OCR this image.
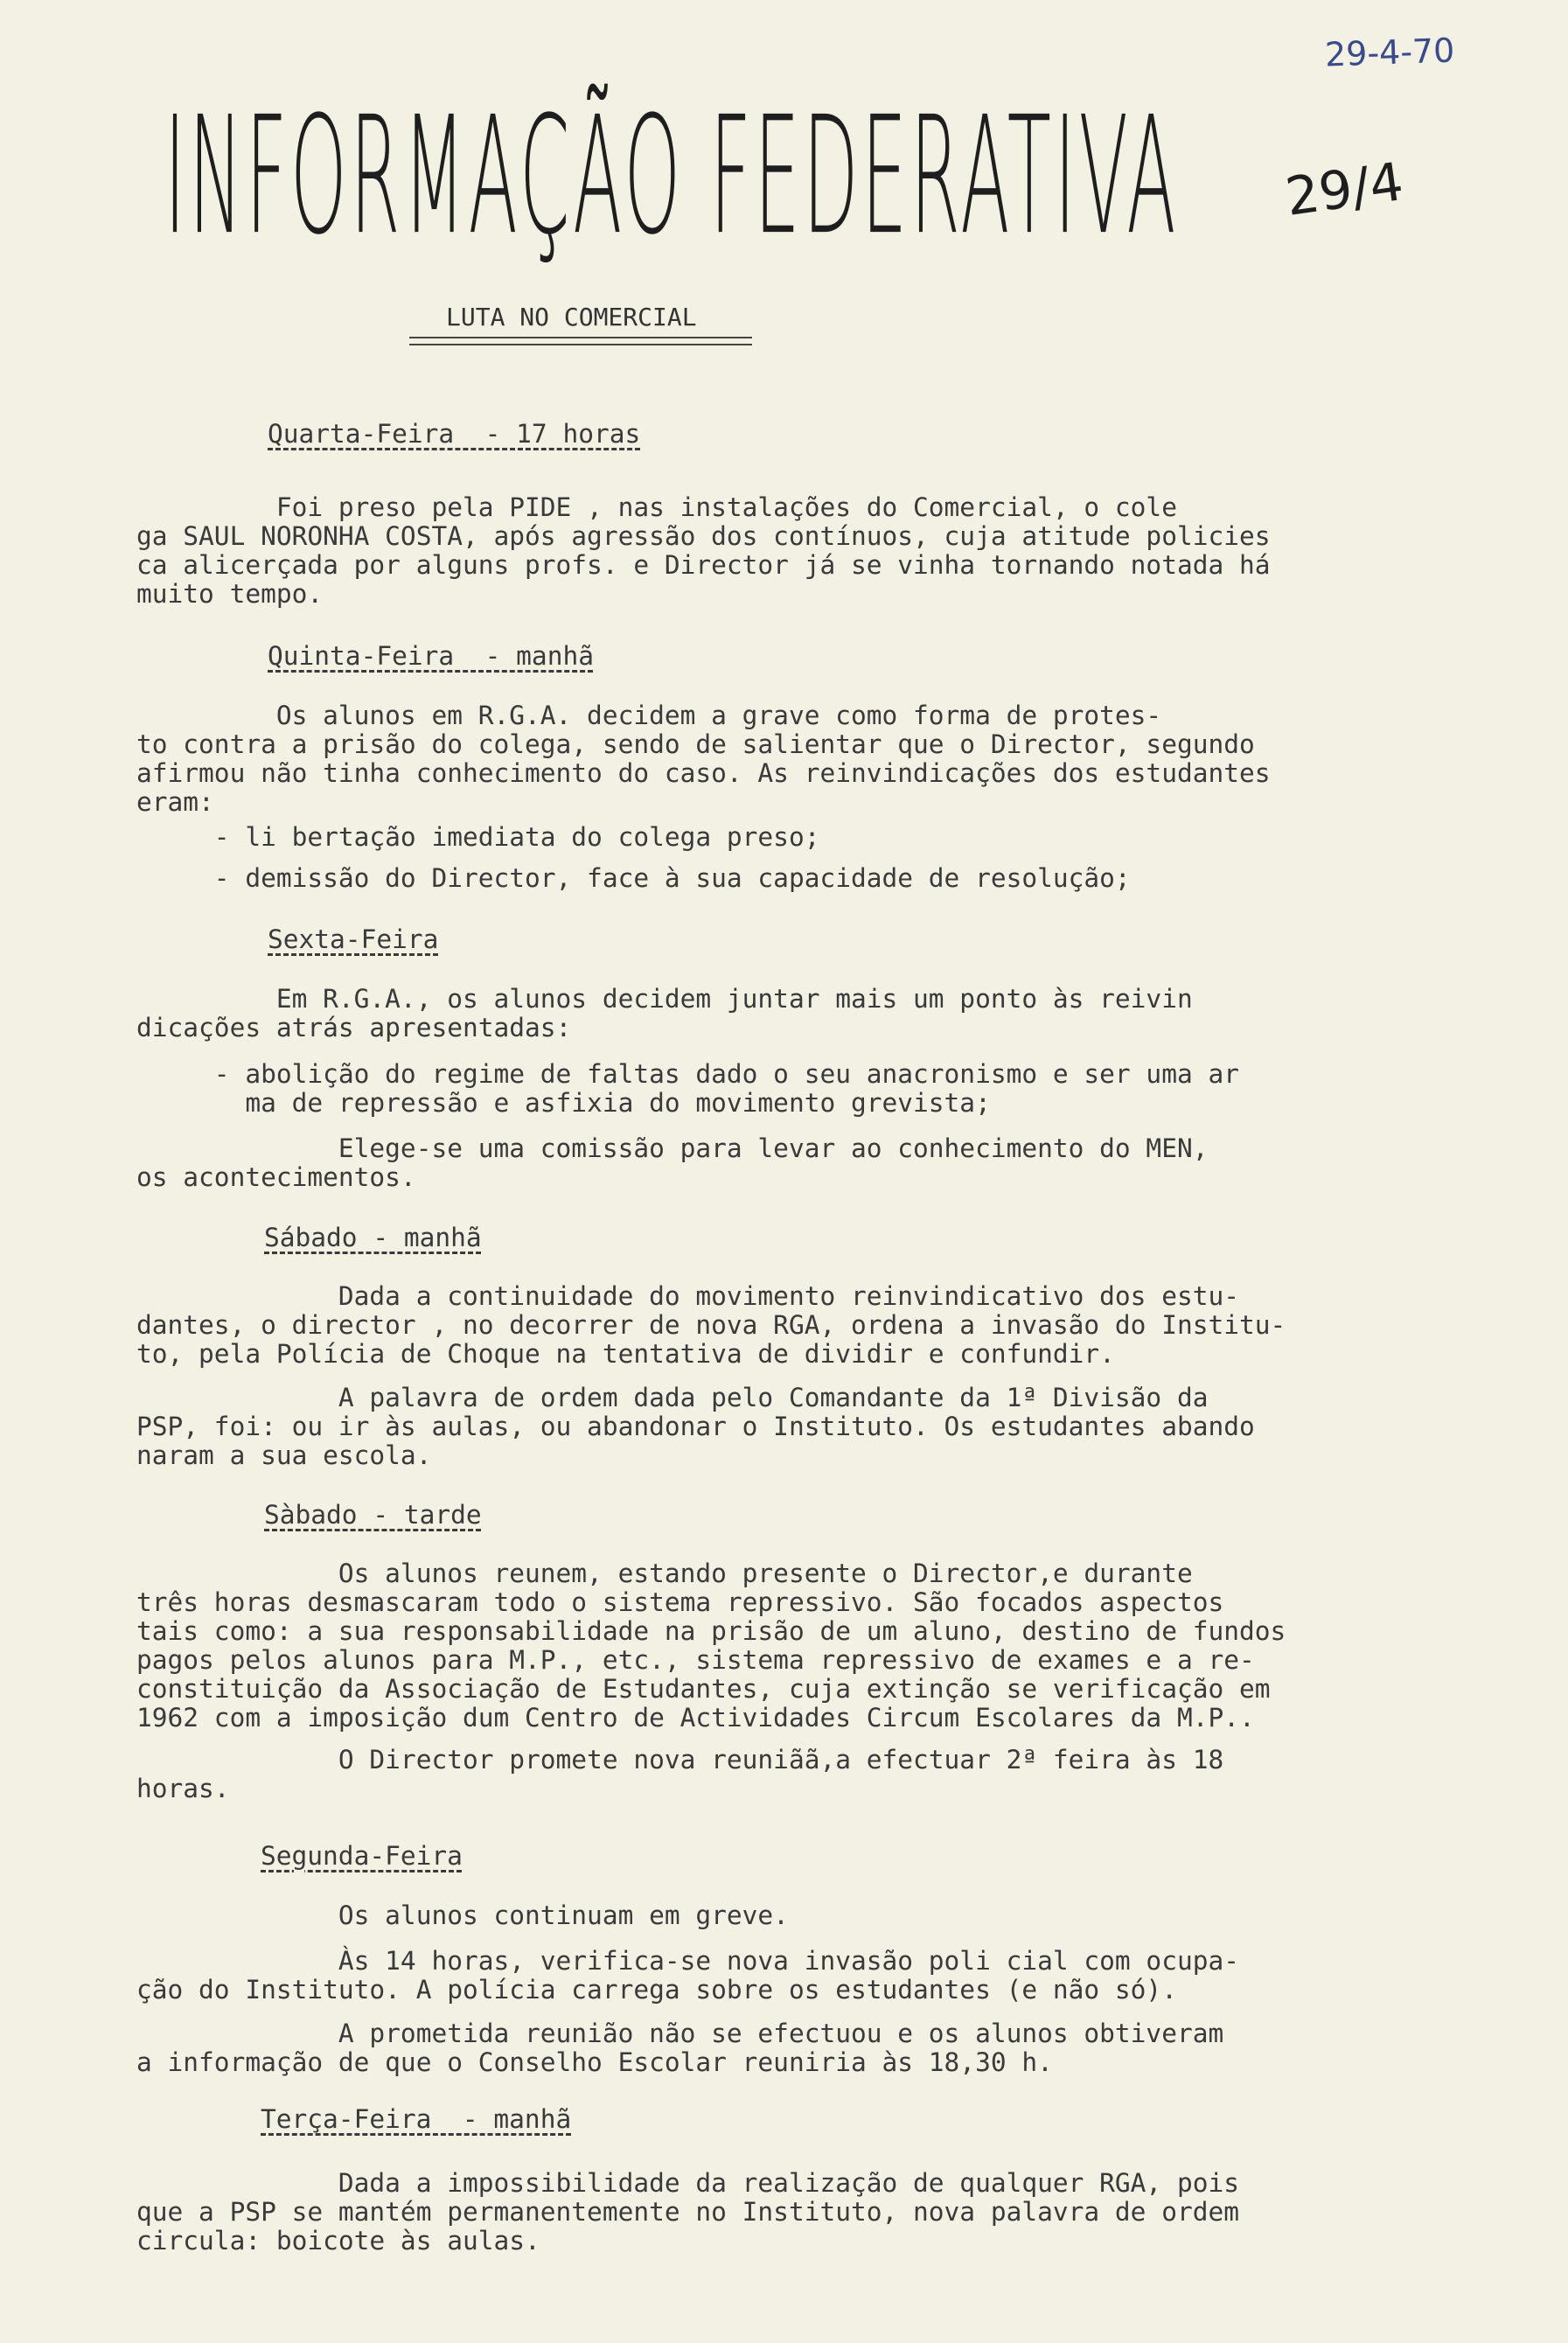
29-4-70
INFORMAÇÃO FEDERATIVA 29/4
LUTA NO COMERCIAL
Quarta-Feira  - 17 horas
Foi preso pela PIDE , nas instalações do Comercial, o cole
ga SAUL NORONHA COSTA, após agressão dos contínuos, cuja atitude policies
ca alicerçada por alguns profs. e Director já se vinha tornando notada há
muito tempo.
Quinta-Feira  - manhã
Os alunos em R.G.A. decidem a grave como forma de protes-
to contra a prisão do colega, sendo de salientar que o Director, segundo
afirmou não tinha conhecimento do caso. As reinvindicações dos estudantes
eram:
- li bertação imediata do colega preso;
- demissão do Director, face à sua capacidade de resolução;
Sexta-Feira
Em R.G.A., os alunos decidem juntar mais um ponto às reivin
dicações atrás apresentadas:
- abolição do regime de faltas dado o seu anacronismo e ser uma ar
ma de repressão e asfixia do movimento grevista;
Elege-se uma comissão para levar ao conhecimento do MEN,
os acontecimentos.
Sábado - manhã
Dada a continuidade do movimento reinvindicativo dos estu-
dantes, o director , no decorrer de nova RGA, ordena a invasão do Institu-
to, pela Polícia de Choque na tentativa de dividir e confundir.
A palavra de ordem dada pelo Comandante da 1ª Divisão da
PSP, foi: ou ir às aulas, ou abandonar o Instituto. Os estudantes abando
naram a sua escola.
Sàbado - tarde
Os alunos reunem, estando presente o Director,e durante
três horas desmascaram todo o sistema repressivo. São focados aspectos
tais como: a sua responsabilidade na prisão de um aluno, destino de fundos
pagos pelos alunos para M.P., etc., sistema repressivo de exames e a re-
constituição da Associação de Estudantes, cuja extinção se verificação em
1962 com a imposição dum Centro de Actividades Circum Escolares da M.P..
O Director promete nova reuniãã,a efectuar 2ª feira às 18
horas.
Segunda-Feira
Os alunos continuam em greve.
Às 14 horas, verifica-se nova invasão poli cial com ocupa-
ção do Instituto. A polícia carrega sobre os estudantes (e não só).
A prometida reunião não se efectuou e os alunos obtiveram
a informação de que o Conselho Escolar reuniria às 18,30 h.
Terça-Feira  - manhã
Dada a impossibilidade da realização de qualquer RGA, pois
que a PSP se mantém permanentemente no Instituto, nova palavra de ordem
circula: boicote às aulas.
